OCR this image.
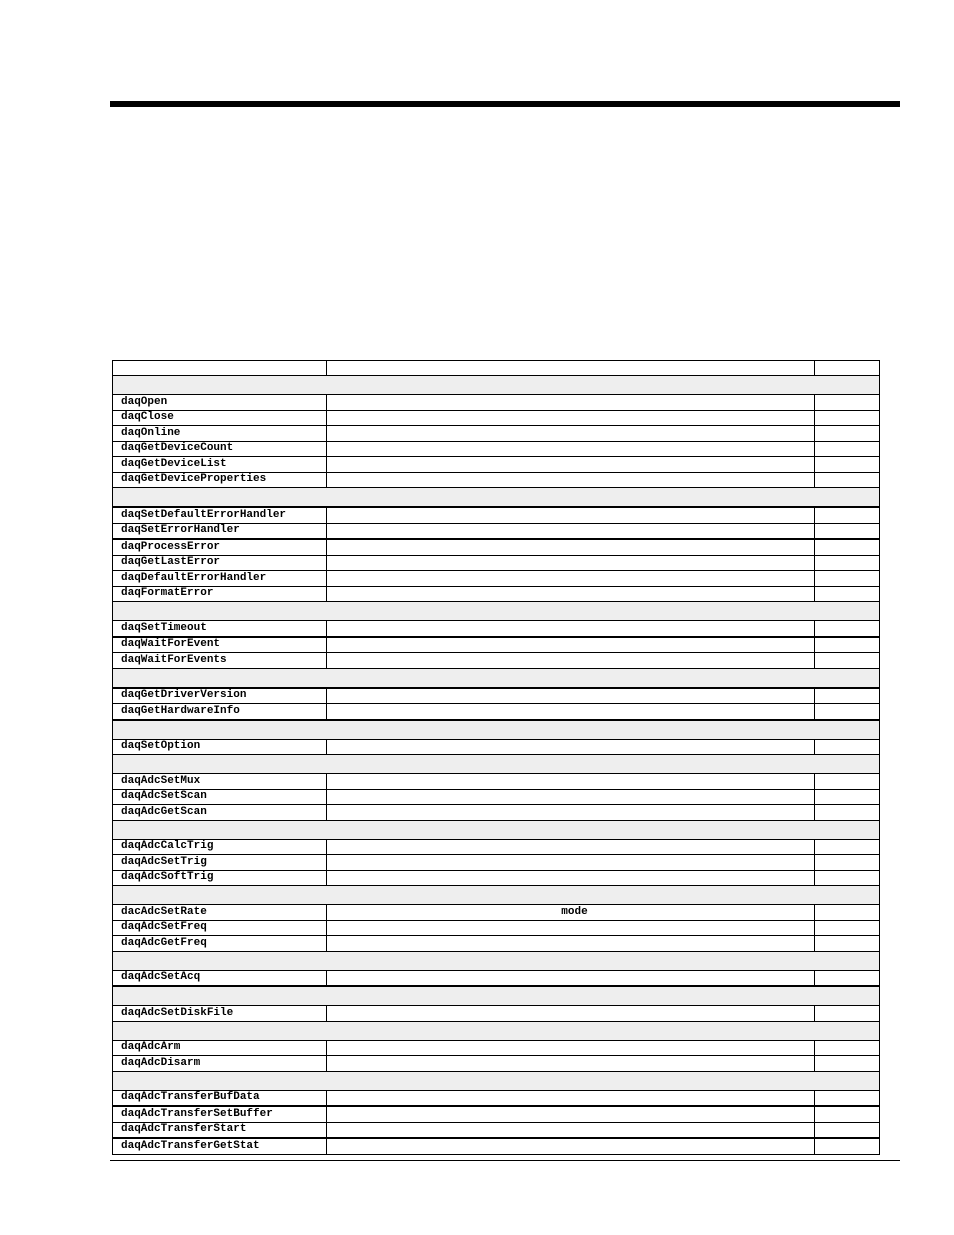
daqOpen		
daqClose		
daqOnline		
daqGetDeviceCount		
daqGetDeviceList		
daqGetDeviceProperties		

daqSetDefaultErrorHandler		
daqSetErrorHandler		
daqProcessError		
daqGetLastError		
daqDefaultErrorHandler		
daqFormatError		

daqSetTimeout		
daqWaitForEvent		
daqWaitForEvents		

daqGetDriverVersion		
daqGetHardwareInfo		

daqSetOption		

daqAdcSetMux		
daqAdcSetScan		
daqAdcGetScan		

daqAdcCalcTrig		
daqAdcSetTrig		
daqAdcSoftTrig		

dacAdcSetRate	mode	
daqAdcSetFreq		
daqAdcGetFreq		

daqAdcSetAcq		

daqAdcSetDiskFile		

daqAdcArm		
daqAdcDisarm		

daqAdcTransferBufData		
daqAdcTransferSetBuffer		
daqAdcTransferStart		
daqAdcTransferGetStat		
